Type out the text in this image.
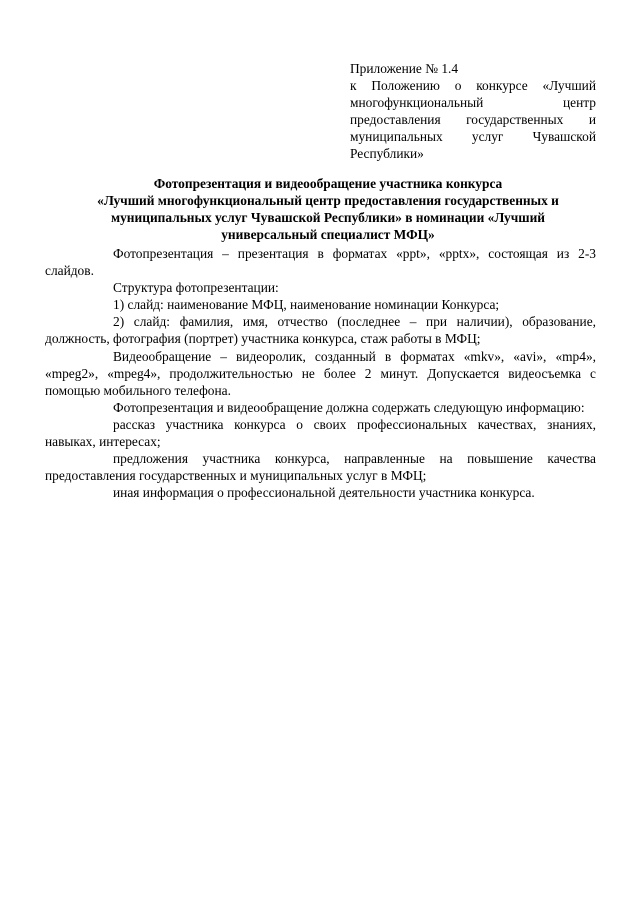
Приложение № 1.4
к Положению о конкурсе «Лучший
многофункциональный центр
предоставления государственных и
муниципальных услуг Чувашской
Республики»
Фотопрезентация и видеообращение участника конкурса
«Лучший многофункциональный центр предоставления государственных и
муниципальных услуг Чувашской Республики» в номинации «Лучший
универсальный специалист МФЦ»

Фотопрезентация – презентация в форматах «ppt», «pptx», состоящая из 2-3 слайдов.

Структура фотопрезентации:

1) слайд: наименование МФЦ, наименование номинации Конкурса;

2) слайд: фамилия, имя, отчество (последнее – при наличии), образование, должность, фотография (портрет) участника конкурса, стаж работы в МФЦ;

Видеообращение – видеоролик, созданный в форматах «mkv», «avi», «mp4», «mpeg2», «mpeg4», продолжительностью не более 2 минут. Допускается видеосъемка с помощью мобильного телефона.

Фотопрезентация и видеообращение должна содержать следующую информацию:

рассказ участника конкурса о своих профессиональных качествах, знаниях, навыках, интересах;

предложения участника конкурса, направленные на повышение качества предоставления государственных и муниципальных услуг в МФЦ;

иная информация о профессиональной деятельности участника конкурса.
